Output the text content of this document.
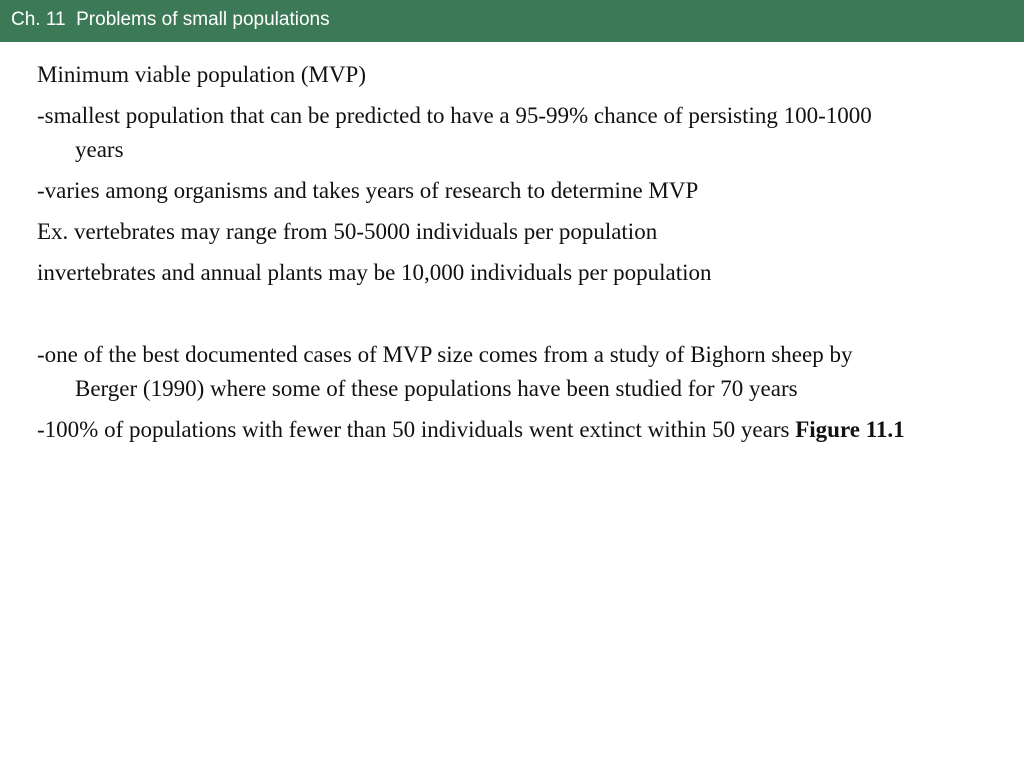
Ch. 11  Problems of small populations

Minimum viable population (MVP)

-smallest population that can be predicted to have a 95-99% chance of persisting 100-1000 years

-varies among organisms and takes years of research to determine MVP

Ex. vertebrates may range from 50-5000 individuals per population

invertebrates and annual plants may be 10,000 individuals per population

-one of the best documented cases of MVP size comes from a study of Bighorn sheep by Berger (1990) where some of these populations have been studied for 70 years

-100% of populations with fewer than 50 individuals went extinct within 50 years Figure 11.1
